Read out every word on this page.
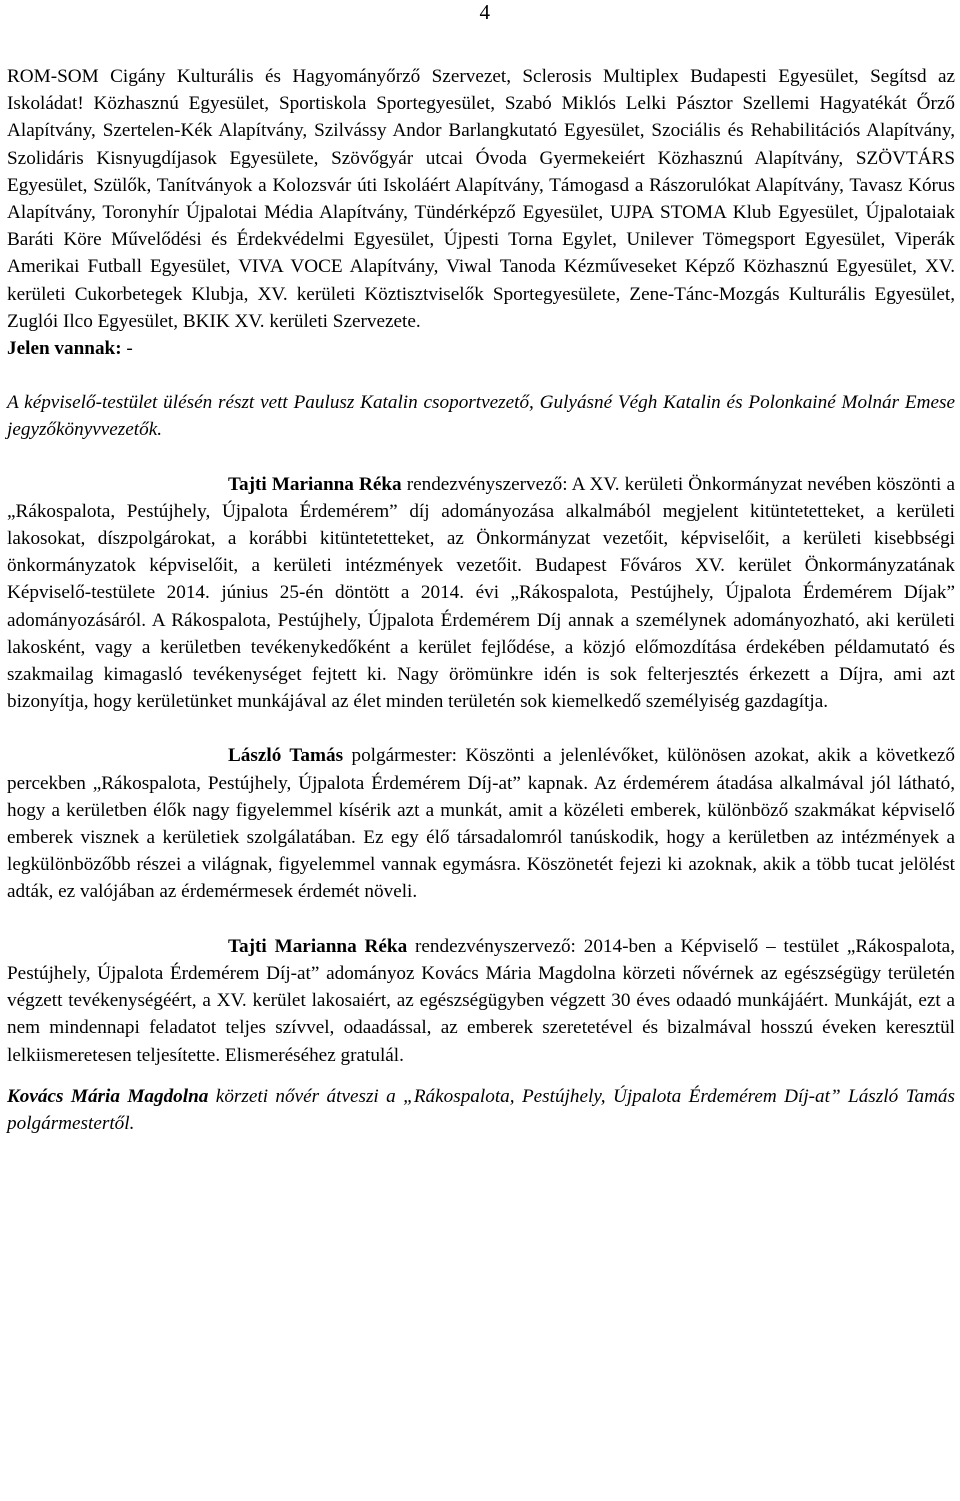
4

ROM-SOM Cigány Kulturális és Hagyományőrző Szervezet, Sclerosis Multiplex Budapesti Egyesület, Segítsd az Iskoládat! Közhasznú Egyesület, Sportiskola Sportegyesület, Szabó Miklós Lelki Pásztor Szellemi Hagyatékát Őrző Alapítvány, Szertelen-Kék Alapítvány, Szilvássy Andor Barlangkutató Egyesület, Szociális és Rehabilitációs Alapítvány, Szolidáris Kisnyugdíjasok Egyesülete, Szövőgyár utcai Óvoda Gyermekeiért Közhasznú Alapítvány, SZÖVTÁRS Egyesület, Szülők, Tanítványok a Kolozsvár úti Iskoláért Alapítvány, Támogasd a Rászorulókat Alapítvány, Tavasz Kórus Alapítvány, Toronyhír Újpalotai Média Alapítvány, Tündérképző Egyesület, UJPA STOMA Klub Egyesület, Újpalotaiak Baráti Köre Művelődési és Érdekvédelmi Egyesület, Újpesti Torna Egylet, Unilever Tömegsport Egyesület, Viperák Amerikai Futball Egyesület, VIVA VOCE Alapítvány, Viwal Tanoda Kézműveseket Képző Közhasznú Egyesület, XV. kerületi Cukorbetegek Klubja, XV. kerületi Köztisztviselők Sportegyesülete, Zene-Tánc-Mozgás Kulturális Egyesület, Zuglói Ilco Egyesület, BKIK XV. kerületi Szervezete.

Jelen vannak: -

A képviselő-testület ülésén részt vett Paulusz Katalin csoportvezető, Gulyásné Végh Katalin és Polonkainé Molnár Emese jegyzőkönyvvezetők.

Tajti Marianna Réka rendezvényszervező: A XV. kerületi Önkormányzat nevében köszönti a „Rákospalota, Pestújhely, Újpalota Érdemérem” díj adományozása alkalmából megjelent kitüntetetteket, a kerületi lakosokat, díszpolgárokat, a korábbi kitüntetetteket, az Önkormányzat vezetőit, képviselőit, a kerületi kisebbségi önkormányzatok képviselőit, a kerületi intézmények vezetőit. Budapest Főváros XV. kerület Önkormányzatának Képviselő-testülete 2014. június 25-én döntött a 2014. évi „Rákospalota, Pestújhely, Újpalota Érdemérem Díjak” adományozásáról. A Rákospalota, Pestújhely, Újpalota Érdemérem Díj annak a személynek adományozható, aki kerületi lakosként, vagy a kerületben tevékenykedőként a kerület fejlődése, a közjó előmozdítása érdekében példamutató és szakmailag kimagasló tevékenységet fejtett ki. Nagy örömünkre idén is sok felterjesztés érkezett a Díjra, ami azt bizonyítja, hogy kerületünket munkájával az élet minden területén sok kiemelkedő személyiség gazdagítja.

László Tamás polgármester: Köszönti a jelenlévőket, különösen azokat, akik a következő percekben „Rákospalota, Pestújhely, Újpalota Érdemérem Díj-at” kapnak. Az érdemérem átadása alkalmával jól látható, hogy a kerületben élők nagy figyelemmel kísérik azt a munkát, amit a közéleti emberek, különböző szakmákat képviselő emberek visznek a kerületiek szolgálatában. Ez egy élő társadalomról tanúskodik, hogy a kerületben az intézmények a legkülönbözőbb részei a világnak, figyelemmel vannak egymásra. Köszönetét fejezi ki azoknak, akik a több tucat jelölést adták, ez valójában az érdemérmesek érdemét növeli.

Tajti Marianna Réka rendezvényszervező: 2014-ben a Képviselő – testület „Rákospalota, Pestújhely, Újpalota Érdemérem Díj-at” adományoz Kovács Mária Magdolna körzeti nővérnek az egészségügy területén végzett tevékenységéért, a XV. kerület lakosaiért, az egészségügyben végzett 30 éves odaadó munkájáért. Munkáját, ezt a nem mindennapi feladatot teljes szívvel, odaadással, az emberek szeretetével és bizalmával hosszú éveken keresztül lelkiismeretesen teljesítette. Elismeréséhez gratulál.

Kovács Mária Magdolna körzeti nővér átveszi a „Rákospalota, Pestújhely, Újpalota Érdemérem Díj-at” László Tamás polgármestertől.
